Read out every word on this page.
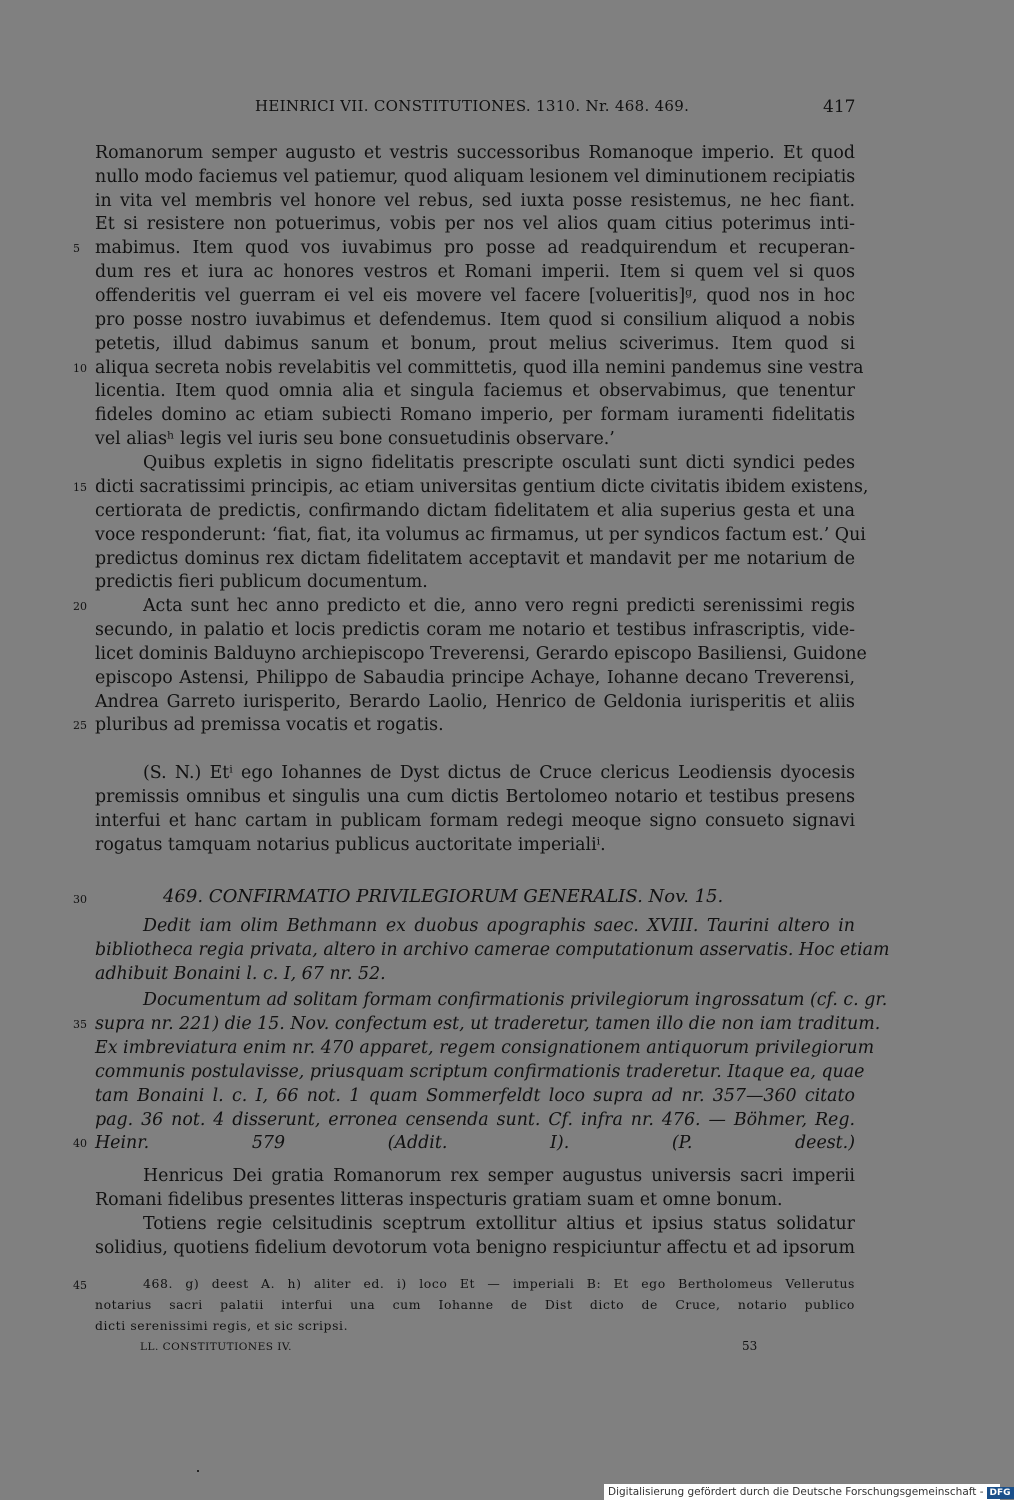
HEINRICI VII. CONSTITUTIONES. 1310. Nr. 468. 469.	417
Romanorum semper augusto et vestris successoribus Romanoque imperio. Et quod
nullo modo faciemus vel patiemur, quod aliquam lesionem vel diminutionem recipiatis
in vita vel membris vel honore vel rebus, sed iuxta posse resistemus, ne hec fiant.
Et si resistere non potuerimus, vobis per nos vel alios quam citius poterimus inti-
mabimus. Item quod vos iuvabimus pro posse ad readquirendum et recuperan-
dum res et iura ac honores vestros et Romani imperii. Item si quem vel si quos
offenderitis vel guerram ei vel eis movere vel facere [volueritis]ᵍ, quod nos in hoc
pro posse nostro iuvabimus et defendemus. Item quod si consilium aliquod a nobis
petetis, illud dabimus sanum et bonum, prout melius sciverimus. Item quod si
aliqua secreta nobis revelabitis vel committetis, quod illa nemini pandemus sine vestra
licentia. Item quod omnia alia et singula faciemus et observabimus, que tenentur
fideles domino ac etiam subiecti Romano imperio, per formam iuramenti fidelitatis
vel aliasʰ legis vel iuris seu bone consuetudinis observare.’
Quibus expletis in signo fidelitatis prescripte osculati sunt dicti syndici pedes
dicti sacratissimi principis, ac etiam universitas gentium dicte civitatis ibidem existens,
certiorata de predictis, confirmando dictam fidelitatem et alia superius gesta et una
voce responderunt: ‘fiat, fiat, ita volumus ac firmamus, ut per syndicos factum est.’ Qui
predictus dominus rex dictam fidelitatem acceptavit et mandavit per me notarium de
predictis fieri publicum documentum.
Acta sunt hec anno predicto et die, anno vero regni predicti serenissimi regis
secundo, in palatio et locis predictis coram me notario et testibus infrascriptis, vide-
licet dominis Balduyno archiepiscopo Treverensi, Gerardo episcopo Basiliensi, Guidone
episcopo Astensi, Philippo de Sabaudia principe Achaye, Iohanne decano Treverensi,
Andrea Garreto iurisperito, Berardo Laolio, Henrico de Geldonia iurisperitis et aliis
pluribus ad premissa vocatis et rogatis.
(S. N.) Etⁱ ego Iohannes de Dyst dictus de Cruce clericus Leodiensis dyocesis
premissis omnibus et singulis una cum dictis Bertolomeo notario et testibus presens
interfui et hanc cartam in publicam formam redegi meoque signo consueto signavi
rogatus tamquam notarius publicus auctoritate imperialiⁱ.
469. CONFIRMATIO PRIVILEGIORUM GENERALIS. Nov. 15.
Dedit iam olim Bethmann ex duobus apographis saec. XVIII. Taurini altero in
bibliotheca regia privata, altero in archivo camerae computationum asservatis. Hoc etiam
adhibuit Bonaini l. c. I, 67 nr. 52.
Documentum ad solitam formam confirmationis privilegiorum ingrossatum (cf. c. gr.
supra nr. 221) die 15. Nov. confectum est, ut traderetur, tamen illo die non iam traditum.
Ex imbreviatura enim nr. 470 apparet, regem consignationem antiquorum privilegiorum
communis postulavisse, priusquam scriptum confirmationis traderetur. Itaque ea, quae
tam Bonaini l. c. I, 66 not. 1 quam Sommerfeldt loco supra ad nr. 357—360 citato
pag. 36 not. 4 disserunt, erronea censenda sunt. Cf. infra nr. 476. — Böhmer, Reg.
Heinr. 579 (Addit. I). (P. deest.)
Henricus Dei gratia Romanorum rex semper augustus universis sacri imperii
Romani fidelibus presentes litteras inspecturis gratiam suam et omne bonum.
Totiens regie celsitudinis sceptrum extollitur altius et ipsius status solidatur
solidius, quotiens fidelium devotorum vota benigno respiciuntur affectu et ad ipsorum
5
10
15
20
25
30
35
40
45	468. g) deest A. h) aliter ed. i) loco Et — imperiali B: Et ego Bertholomeus Vellerutus
notarius sacri palatii interfui una cum Iohanne de Dist dicto de Cruce, notario publico
dicti serenissimi regis, et sic scripsi.
LL. CONSTITUTIONES IV.	53
Digitalisierung gefördert durch die Deutsche Forschungsgemeinschaft - DFG
